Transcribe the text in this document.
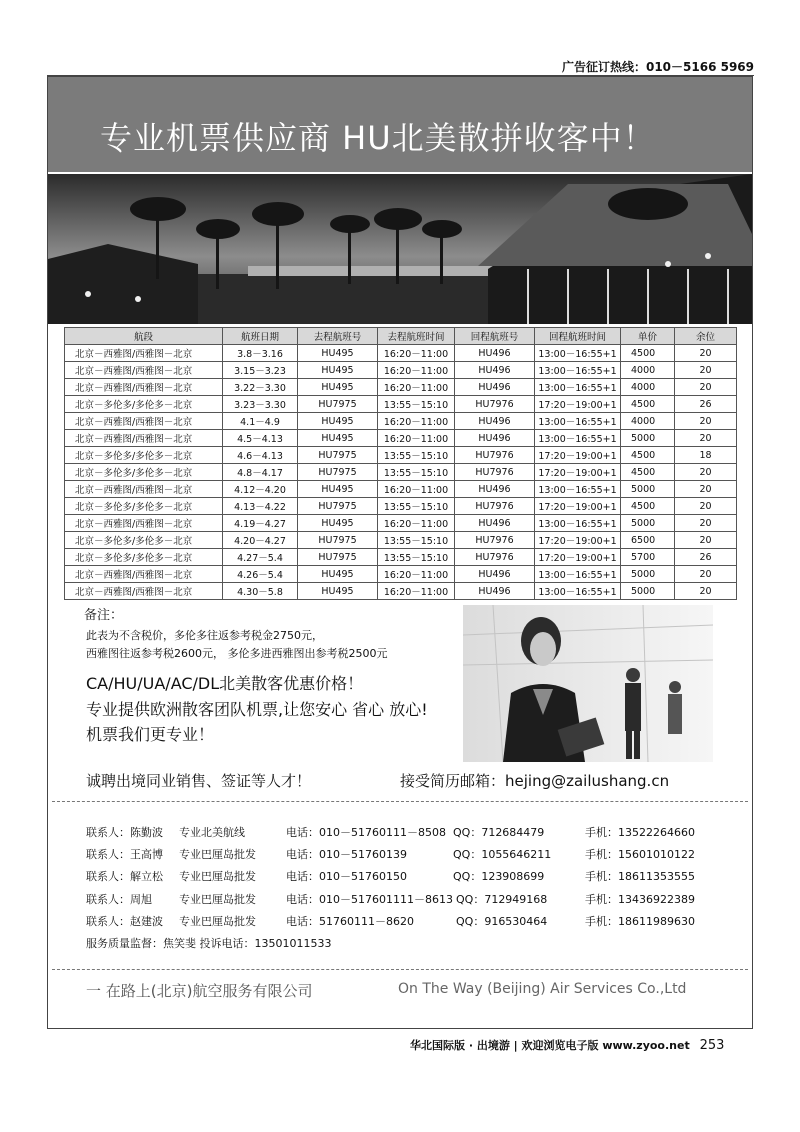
广告征订热线：010－5166 5969
专业机票供应商 HU北美散拼收客中！
航段	航班日期	去程航班号	去程航班时间	回程航班号	回程航班时间	单价	余位
北京－西雅图/西雅图－北京	3.8－3.16	HU495	16:20－11:00	HU496	13:00－16:55+1	4500	20
北京－西雅图/西雅图－北京	3.15－3.23	HU495	16:20－11:00	HU496	13:00－16:55+1	4000	20
北京－西雅图/西雅图－北京	3.22－3.30	HU495	16:20－11:00	HU496	13:00－16:55+1	4000	20
北京－多伦多/多伦多－北京	3.23－3.30	HU7975	13:55－15:10	HU7976	17:20－19:00+1	4500	26
北京－西雅图/西雅图－北京	4.1－4.9	HU495	16:20－11:00	HU496	13:00－16:55+1	4000	20
北京－西雅图/西雅图－北京	4.5－4.13	HU495	16:20－11:00	HU496	13:00－16:55+1	5000	20
北京－多伦多/多伦多－北京	4.6－4.13	HU7975	13:55－15:10	HU7976	17:20－19:00+1	4500	18
北京－多伦多/多伦多－北京	4.8－4.17	HU7975	13:55－15:10	HU7976	17:20－19:00+1	4500	20
北京－西雅图/西雅图－北京	4.12－4.20	HU495	16:20－11:00	HU496	13:00－16:55+1	5000	20
北京－多伦多/多伦多－北京	4.13－4.22	HU7975	13:55－15:10	HU7976	17:20－19:00+1	4500	20
北京－西雅图/西雅图－北京	4.19－4.27	HU495	16:20－11:00	HU496	13:00－16:55+1	5000	20
北京－多伦多/多伦多－北京	4.20－4.27	HU7975	13:55－15:10	HU7976	17:20－19:00+1	6500	20
北京－多伦多/多伦多－北京	4.27－5.4	HU7975	13:55－15:10	HU7976	17:20－19:00+1	5700	26
北京－西雅图/西雅图－北京	4.26－5.4	HU495	16:20－11:00	HU496	13:00－16:55+1	5000	20
北京－西雅图/西雅图－北京	4.30－5.8	HU495	16:20－11:00	HU496	13:00－16:55+1	5000	20
备注：
此表为不含税价，多伦多往返参考税金2750元，
西雅图往返参考税2600元， 多伦多进西雅图出参考税2500元
CA/HU/UA/AC/DL北美散客优惠价格！
专业提供欧洲散客团队机票,让您安心 省心 放心!
机票我们更专业！
诚聘出境同业销售、签证等人才！	接受简历邮箱：hejing@zailushang.cn
联系人：陈勤波 专业北美航线	电话：010－51760111－8508 QQ：712684479	手机：13522264660
联系人：王高博 专业巴厘岛批发	电话：010－51760139	QQ：1055646211	手机：15601010122
联系人：解立松 专业巴厘岛批发	电话：010－51760150	QQ：123908699	手机：18611353555
联系人：周旭 专业巴厘岛批发	电话：010－517601111－8613 QQ：712949168	手机：13436922389
联系人：赵建波 专业巴厘岛批发	电话：51760111－8620	QQ：916530464	手机：18611989630
服务质量监督：焦笑斐 投诉电话：13501011533
一 在路上(北京)航空服务有限公司	On The Way (Beijing) Air Services Co.,Ltd
华北国际版 · 出境游 | 欢迎浏览电子版 www.zyoo.net 253
